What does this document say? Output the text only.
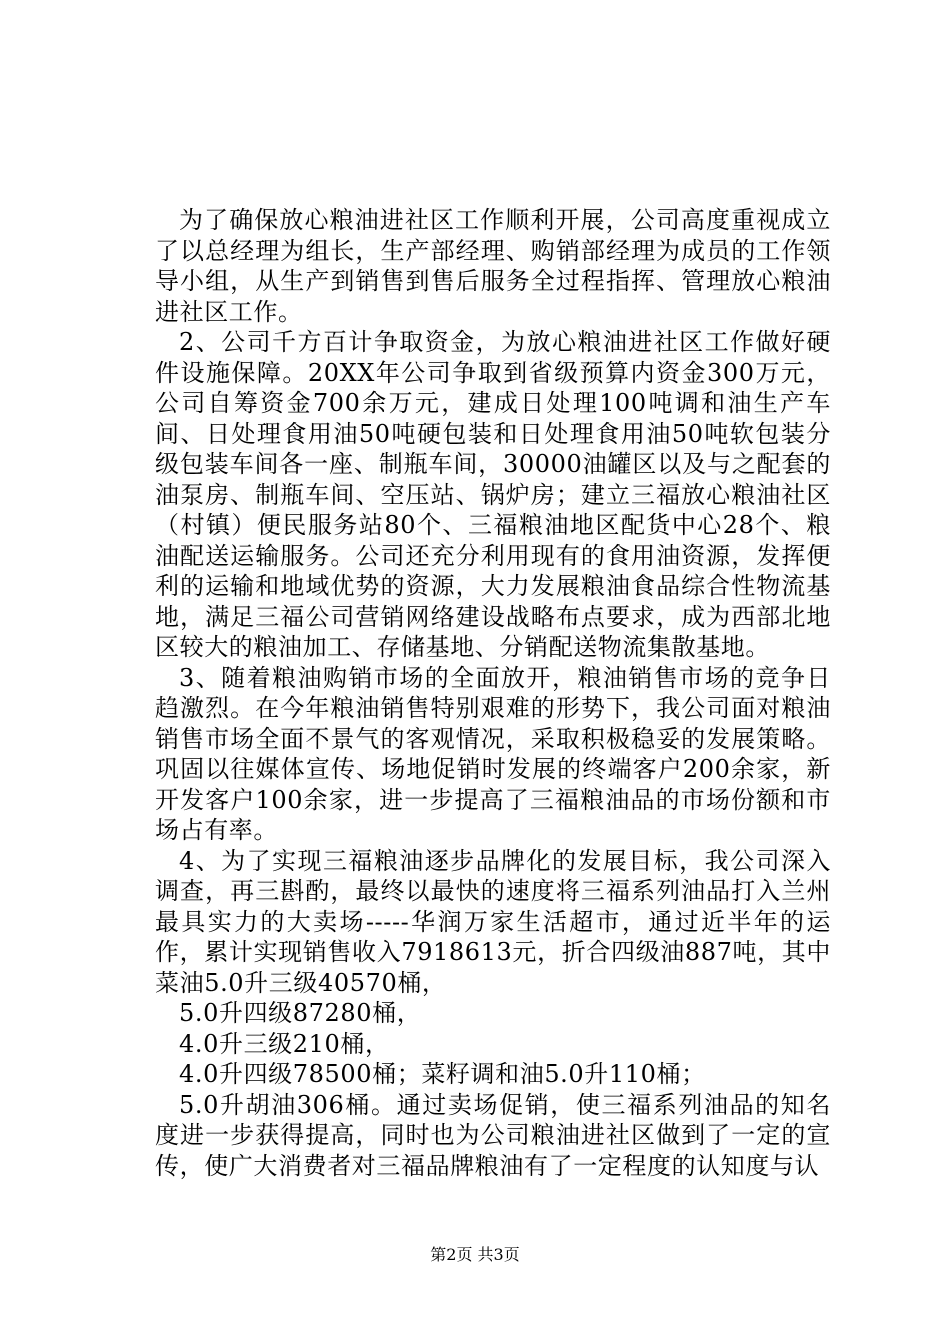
为了确保放心粮油进社区工作顺利开展，公司高度重视成立了以总经理为组长，生产部经理、购销部经理为成员的工作领导小组，从生产到销售到售后服务全过程指挥、管理放心粮油进社区工作。

2、公司千方百计争取资金，为放心粮油进社区工作做好硬件设施保障。20XX年公司争取到省级预算内资金300万元，公司自筹资金700余万元，建成日处理100吨调和油生产车间、日处理食用油50吨硬包装和日处理食用油50吨软包装分级包装车间各一座、制瓶车间，30000油罐区以及与之配套的油泵房、制瓶车间、空压站、锅炉房；建立三福放心粮油社区（村镇）便民服务站80个、三福粮油地区配货中心28个、粮油配送运输服务。公司还充分利用现有的食用油资源，发挥便利的运输和地域优势的资源，大力发展粮油食品综合性物流基地，满足三福公司营销网络建设战略布点要求，成为西部北地区较大的粮油加工、存储基地、分销配送物流集散基地。

3、随着粮油购销市场的全面放开，粮油销售市场的竞争日趋激烈。在今年粮油销售特别艰难的形势下，我公司面对粮油销售市场全面不景气的客观情况，采取积极稳妥的发展策略。巩固以往媒体宣传、场地促销时发展的终端客户200余家，新开发客户100余家，进一步提高了三福粮油品的市场份额和市场占有率。

4、为了实现三福粮油逐步品牌化的发展目标，我公司深入调查，再三斟酌，最终以最快的速度将三福系列油品打入兰州最具实力的大卖场-----华润万家生活超市，通过近半年的运作，累计实现销售收入7918613元，折合四级油887吨，其中菜油5.0升三级40570桶，

5.0升四级87280桶，

4.0升三级210桶，

4.0升四级78500桶；菜籽调和油5.0升110桶；

5.0升胡油306桶。通过卖场促销，使三福系列油品的知名度进一步获得提高，同时也为公司粮油进社区做到了一定的宣传，使广大消费者对三福品牌粮油有了一定程度的认知度与认

第2页 共3页
